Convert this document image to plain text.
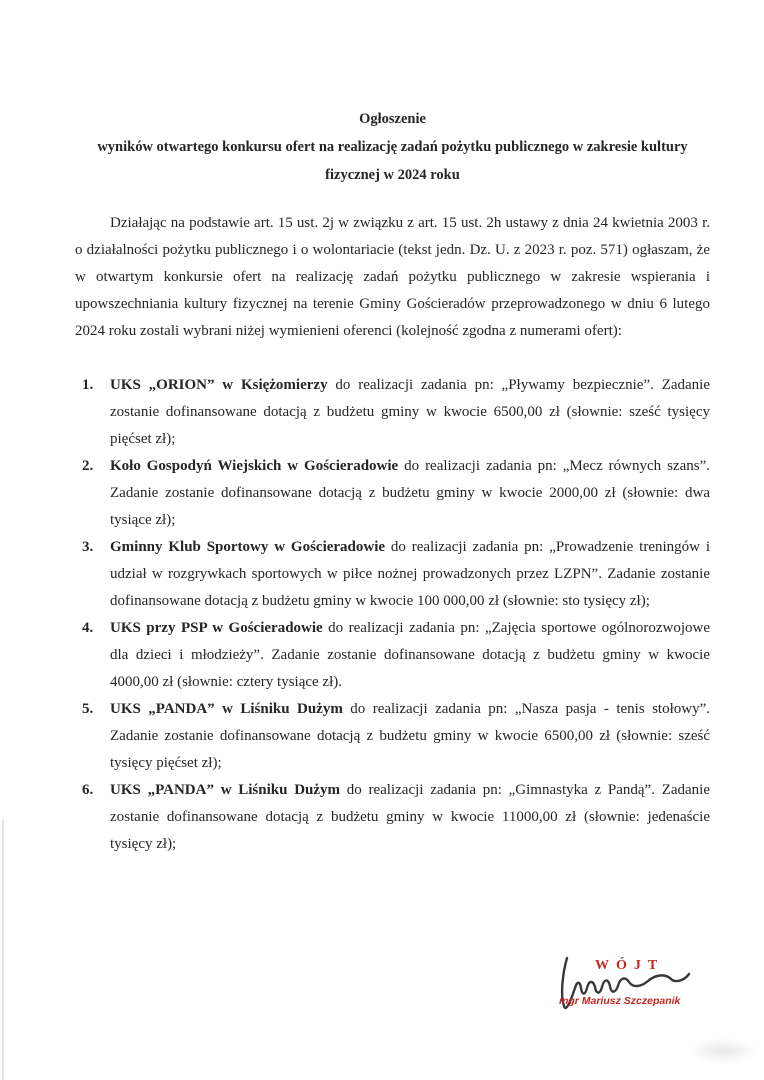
Ogłoszenie
wyników otwartego konkursu ofert na realizację zadań pożytku publicznego w zakresie kultury
fizycznej w 2024 roku

Działając na podstawie art. 15 ust. 2j w związku z art. 15 ust. 2h ustawy z dnia 24 kwietnia 2003 r. o działalności pożytku publicznego i o wolontariacie (tekst jedn. Dz. U. z 2023 r. poz. 571) ogłaszam, że w otwartym konkursie ofert na realizację zadań pożytku publicznego w zakresie wspierania i upowszechniania kultury fizycznej na terenie Gminy Gościeradów przeprowadzonego w dniu 6 lutego 2024 roku zostali wybrani niżej wymienieni oferenci (kolejność zgodna z numerami ofert):

1.	UKS „ORION” w Księżomierzy do realizacji zadania pn: „Pływamy bezpiecznie”. Zadanie zostanie dofinansowane dotacją z budżetu gminy w kwocie 6500,00 zł (słownie: sześć tysięcy pięćset zł);
2.	Koło Gospodyń Wiejskich w Gościeradowie do realizacji zadania pn: „Mecz równych szans”. Zadanie zostanie dofinansowane dotacją z budżetu gminy w kwocie 2000,00 zł (słownie: dwa tysiące zł);
3.	Gminny Klub Sportowy w Gościeradowie do realizacji zadania pn: „Prowadzenie treningów i udział w rozgrywkach sportowych w piłce nożnej prowadzonych przez LZPN”. Zadanie zostanie dofinansowane dotacją z budżetu gminy w kwocie 100 000,00 zł (słownie: sto tysięcy zł);
4.	UKS przy PSP w Gościeradowie do realizacji zadania pn: „Zajęcia sportowe ogólnorozwojowe dla dzieci i młodzieży”. Zadanie zostanie dofinansowane dotacją z budżetu gminy w kwocie 4000,00 zł (słownie: cztery tysiące zł).
5.	UKS „PANDA” w Liśniku Dużym do realizacji zadania pn: „Nasza pasja - tenis stołowy”. Zadanie zostanie dofinansowane dotacją z budżetu gminy w kwocie 6500,00 zł (słownie: sześć tysięcy pięćset zł);
6.	UKS „PANDA” w Liśniku Dużym do realizacji zadania pn: „Gimnastyka z Pandą”. Zadanie zostanie dofinansowane dotacją z budżetu gminy w kwocie 11000,00 zł (słownie: jedenaście tysięcy zł);
WÓJT
mgr Mariusz Szczepanik
